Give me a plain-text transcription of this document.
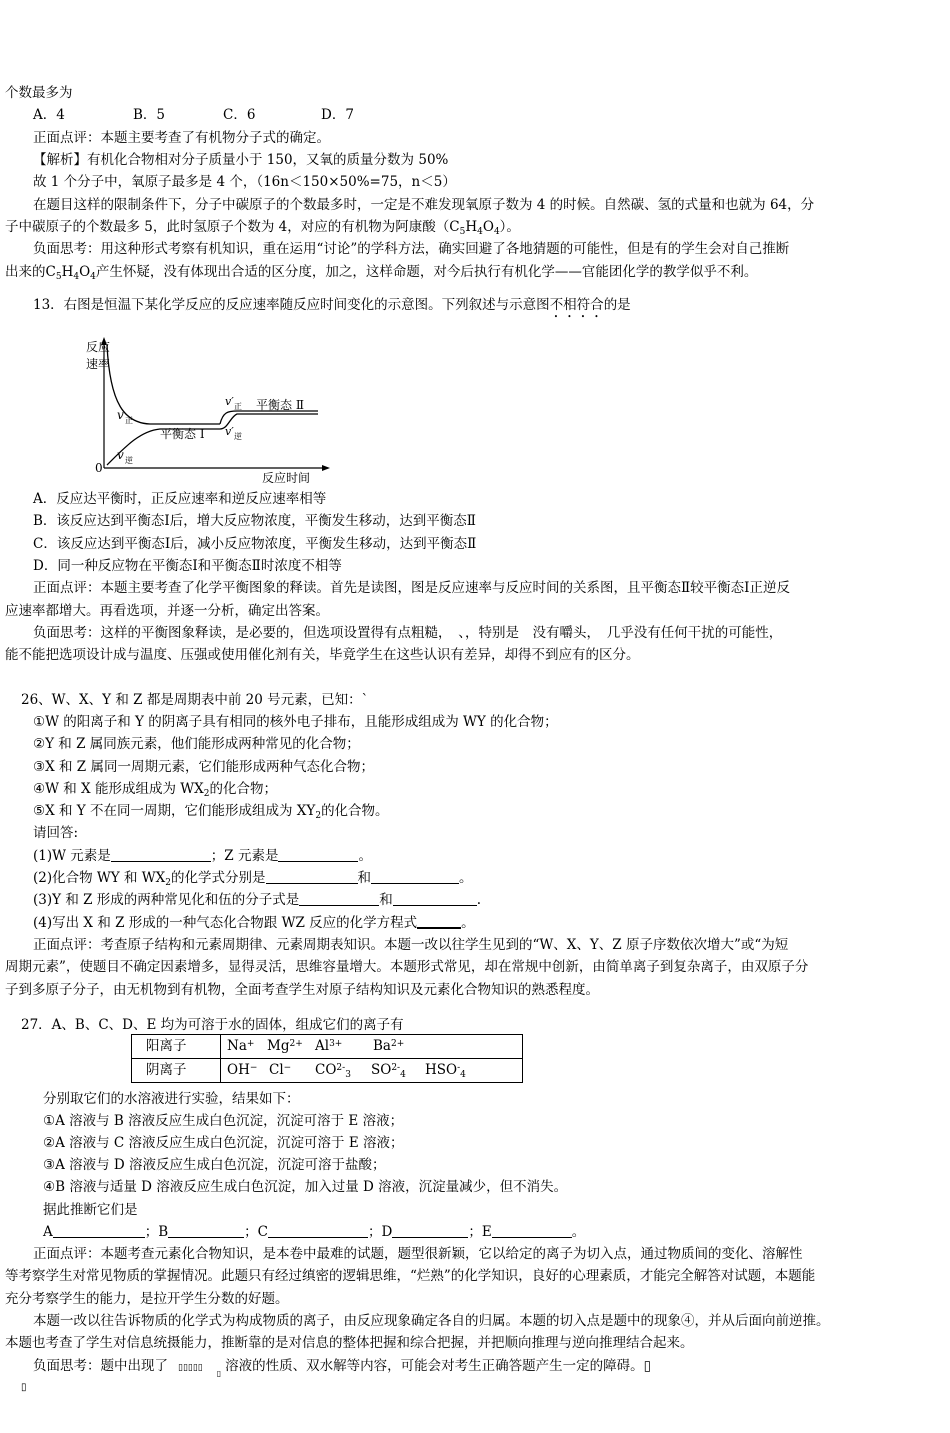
个数最多为
A．4	B．5	C．6	D．7
正面点评：本题主要考查了有机物分子式的确定。
【解析】有机化合物相对分子质量小于 150，又氧的质量分数为 50%
故 1 个分子中，氧原子最多是 4 个，（16n＜150×50%=75，n＜5）
在题目这样的限制条件下，分子中碳原子的个数最多时，一定是不难发现氧原子数为 4 的时候。自然碳、氢的式量和也就为 64，分
子中碳原子的个数最多 5，此时氢原子个数为 4，对应的有机物为阿康酸$(C_5H_4O_4)$。
负面思考：用这种形式考察有机知识，重在运用“讨论”的学科方法，确实回避了各地猜题的可能性，但是有的学生会对自己推断
出来的$C_5H_4O_4$产生怀疑，没有体现出合适的区分度，加之，这样命题，对今后执行有机化学——官能团化学的教学似乎不利。
13．右图是恒温下某化学反应的反应速率随反应时间变化的示意图。下列叙述与示意图不相符合的是
反应
速率
0
反应时间
v 正
v 逆
平衡态 Ⅰ
平衡态 Ⅱ
v′ 正
v′ 逆
A．反应达平衡时，正反应速率和逆反应速率相等
B．该反应达到平衡态Ⅰ后，增大反应物浓度，平衡发生移动，达到平衡态Ⅱ
C．该反应达到平衡态Ⅰ后，减小反应物浓度，平衡发生移动，达到平衡态Ⅱ
D．同一种反应物在平衡态Ⅰ和平衡态Ⅱ时浓度不相等
正面点评：本题主要考查了化学平衡图象的释读。首先是读图，图是反应速率与反应时间的关系图，且平衡态Ⅱ较平衡态Ⅰ正逆反
应速率都增大。再看选项，并逐一分析，确定出答案。
负面思考：这样的平衡图象释读，是必要的，但选项设置得有点粗糙，　、，特别是　没有嚼头，　几乎没有任何干扰的可能性，
能不能把选项设计成与温度、压强或使用催化剂有关，毕竟学生在这些认识有差异，却得不到应有的区分。
26、W、X、Y 和 Z 都是周期表中前 20 号元素，已知：`
①W 的阳离子和 Y 的阴离子具有相同的核外电子排布，且能形成组成为 WY 的化合物；
②Y 和 Z 属同族元素，他们能形成两种常见的化合物；
③X 和 Z 属同一周期元素，它们能形成两种气态化合物；
④W 和 X 能形成组成为 $WX_2$的化合物；
⑤X 和 Y 不在同一周期，它们能形成组成为 $XY_2$的化合物。
请回答:
(1)W 元素是	；Z 元素是	。
(2)化合物 WY 和 $WX_2$的化学式分别是	和	。
(3)Y 和 Z 形成的两种常见化和伍的分子式是	和	.
(4)写出 X 和 Z 形成的一种气态化合物跟 WZ 反应的化学方程式	。
正面点评：考查原子结构和元素周期律、元素周期表知识。本题一改以往学生见到的“W、X、Y、Z 原子序数依次增大”或“为短
周期元素”，使题目不确定因素增多，显得灵活，思维容量增大。本题形式常见，却在常规中创新，由简单离子到复杂离子，由双原子分
子到多原子分子，由无机物到有机物，全面考查学生对原子结构知识及元素化合物知识的熟悉程度。
27．A、B、C、D、E 均为可溶于水的固体，组成它们的离子有
阳离子	Na+ $Mg^{2+}$ $Al^{3+}$ $Ba^{2+}$
阴离子	OH− Cl− $CO^{2-}_3$ $SO^{2-}_4$ $HSO^-_4$
分别取它们的水溶液进行实验，结果如下：
①A 溶液与 B 溶液反应生成白色沉淀，沉淀可溶于 E 溶液；
②A 溶液与 C 溶液反应生成白色沉淀，沉淀可溶于 E 溶液；
③A 溶液与 D 溶液反应生成白色沉淀，沉淀可溶于盐酸；
④B 溶液与适量 D 溶液反应生成白色沉淀，加入过量 D 溶液，沉淀量减少，但不消失。
据此推断它们是
A	；B	；C	；D	；E	。
正面点评：本题考查元素化合物知识，是本卷中最难的试题，题型很新颖，它以给定的离子为切入点，通过物质间的变化、溶解性
等考察学生对常见物质的掌握情况。此题只有经过缜密的逻辑思维，“烂熟”的化学知识，良好的心理素质，才能完全解答对试题，本题能
充分考察学生的能力，是拉开学生分数的好题。
本题一改以往告诉物质的化学式为构成物质的离子，由反应现象确定各自的归属。本题的切入点是题中的现象④，并从后面向前逆推。
本题也考查了学生对信息统摄能力，推断靠的是对信息的整体把握和综合把握，并把顺向推理与逆向推理结合起来。
负面思考：题中出现了 $▯▯▯▯▯_▯$ 溶液的性质、双水解等内容，可能会对考生正确答题产生一定的障碍。▯
▯
